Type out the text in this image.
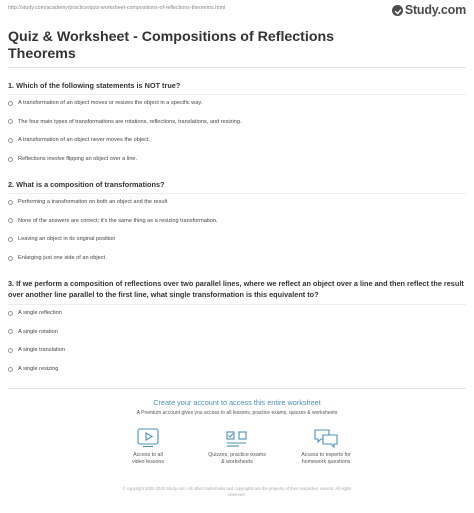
http://study.com/academy/practice/quiz-worksheet-compositions-of-reflections-theorems.html	Study.com
Quiz & Worksheet - Compositions of Reflections Theorems
1. Which of the following statements is NOT true?
A transformation of an object moves or resizes the object in a specific way.
The four main types of transformations are rotations, reflections, translations, and resizing.
A transformation of an object never moves the object.
Reflections involve flipping an object over a line.
2. What is a composition of transformations?
Performing a transformation on both an object and the result
None of the answers are correct; it's the same thing as a resizing transformation.
Leaving an object in its original position
Enlarging just one side of an object
3. If we perform a composition of reflections over two parallel lines, where we reflect an object over a line and then reflect the result over another line parallel to the first line, what single transformation is this equivalent to?
A single reflection
A single rotation
A single translation
A single resizing
Create your account to access this entire worksheet
A Premium account gives you access to all lessons, practice exams, quizzes & worksheets
Access to all
video lessons
Quizzes, practice exams
& worksheets
Access to experts for
homework questions
© copyright 2003-2020 Study.com. All other trademarks and copyrights are the property of their respective owners. All rights
reserved.
